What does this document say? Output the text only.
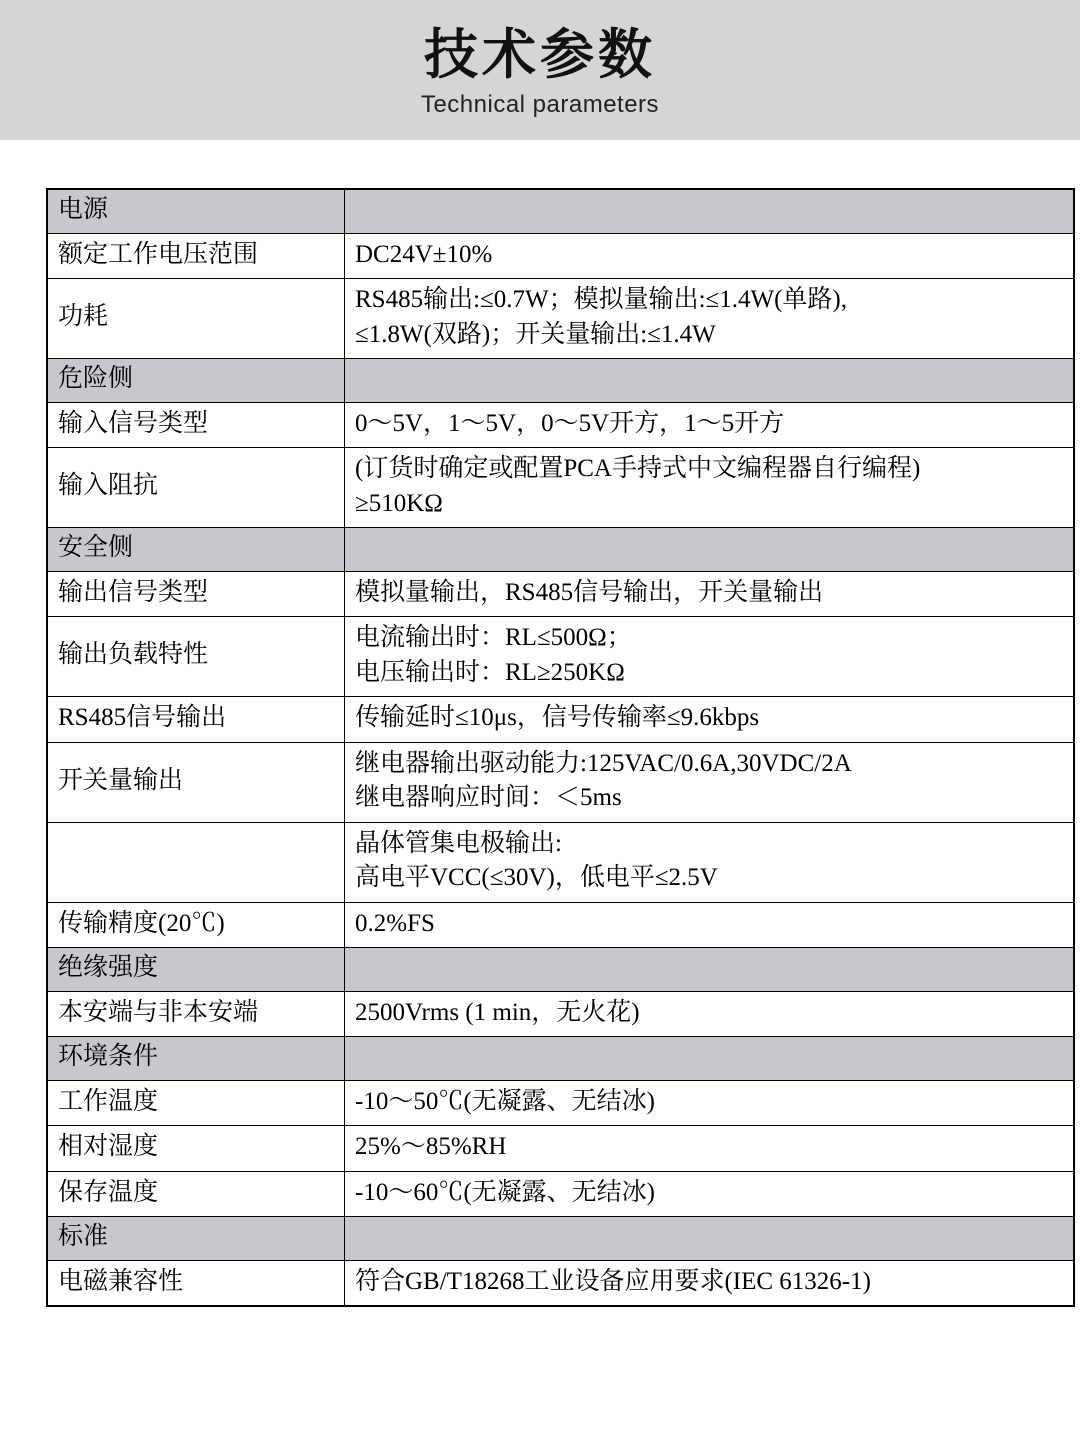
技术参数
Technical parameters
电源	

额定工作电压范围	DC24V±10%

功耗	RS485输出:≤0.7W；模拟量输出:≤1.4W(单路),
≤1.8W(双路)；开关量输出:≤1.4W

危险侧	

输入信号类型	0～5V，1～5V，0～5V开方，1～5开方

输入阻抗	(订货时确定或配置PCA手持式中文编程器自行编程)
≥510KΩ

安全侧	

输出信号类型	模拟量输出，RS485信号输出，开关量输出

输出负载特性	电流输出时：RL≤500Ω；
电压输出时：RL≥250KΩ

RS485信号输出	传输延时≤10μs，信号传输率≤9.6kbps

开关量输出	继电器输出驱动能力:125VAC/0.6A,30VDC/2A
继电器响应时间：＜5ms

	晶体管集电极输出:
高电平VCC(≤30V)，低电平≤2.5V

传输精度(20℃)	0.2%FS

绝缘强度	

本安端与非本安端	2500Vrms (1 min，无火花)

环境条件	

工作温度	-10～50℃(无凝露、无结冰)

相对湿度	25%～85%RH

保存温度	-10～60℃(无凝露、无结冰)

标准	

电磁兼容性	符合GB/T18268工业设备应用要求(IEC 61326-1)
